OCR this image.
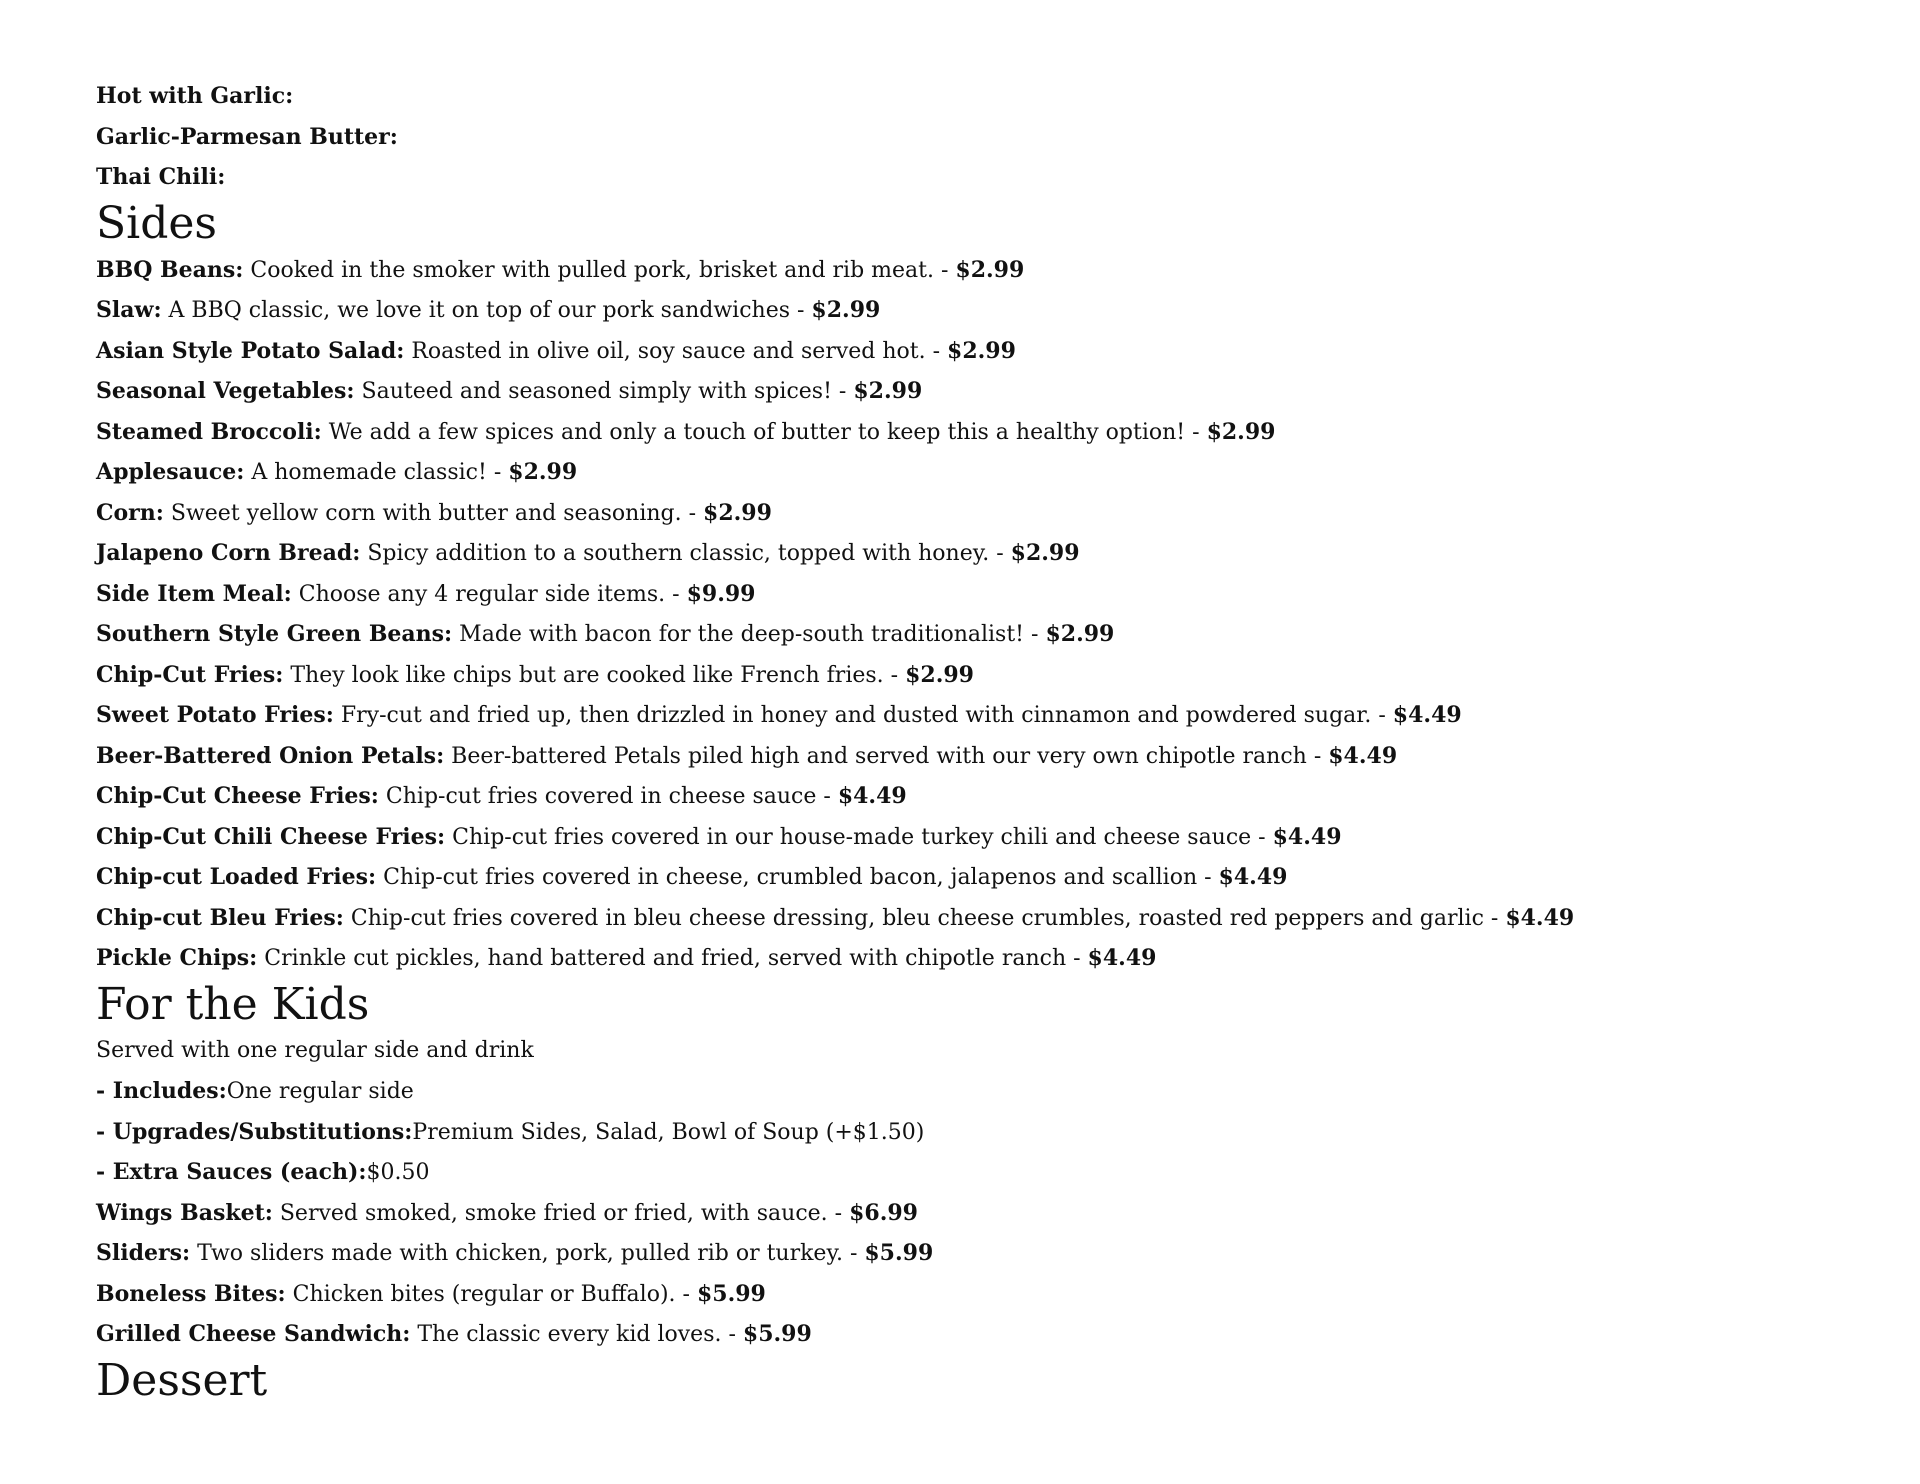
Hot with Garlic:
Garlic-Parmesan Butter:
Thai Chili:
Sides
BBQ Beans: Cooked in the smoker with pulled pork, brisket and rib meat. - $2.99
Slaw: A BBQ classic, we love it on top of our pork sandwiches - $2.99
Asian Style Potato Salad: Roasted in olive oil, soy sauce and served hot. - $2.99
Seasonal Vegetables: Sauteed and seasoned simply with spices! - $2.99
Steamed Broccoli: We add a few spices and only a touch of butter to keep this a healthy option! - $2.99
Applesauce: A homemade classic! - $2.99
Corn: Sweet yellow corn with butter and seasoning. - $2.99
Jalapeno Corn Bread: Spicy addition to a southern classic, topped with honey. - $2.99
Side Item Meal: Choose any 4 regular side items. - $9.99
Southern Style Green Beans: Made with bacon for the deep-south traditionalist! - $2.99
Chip-Cut Fries: They look like chips but are cooked like French fries. - $2.99
Sweet Potato Fries: Fry-cut and fried up, then drizzled in honey and dusted with cinnamon and powdered sugar. - $4.49
Beer-Battered Onion Petals: Beer-battered Petals piled high and served with our very own chipotle ranch - $4.49
Chip-Cut Cheese Fries: Chip-cut fries covered in cheese sauce - $4.49
Chip-Cut Chili Cheese Fries: Chip-cut fries covered in our house-made turkey chili and cheese sauce - $4.49
Chip-cut Loaded Fries: Chip-cut fries covered in cheese, crumbled bacon, jalapenos and scallion - $4.49
Chip-cut Bleu Fries: Chip-cut fries covered in bleu cheese dressing, bleu cheese crumbles, roasted red peppers and garlic - $4.49
Pickle Chips: Crinkle cut pickles, hand battered and fried, served with chipotle ranch - $4.49
For the Kids
Served with one regular side and drink
- Includes:One regular side
- Upgrades/Substitutions:Premium Sides, Salad, Bowl of Soup (+$1.50)
- Extra Sauces (each):$0.50
Wings Basket: Served smoked, smoke fried or fried, with sauce. - $6.99
Sliders: Two sliders made with chicken, pork, pulled rib or turkey. - $5.99
Boneless Bites: Chicken bites (regular or Buffalo). - $5.99
Grilled Cheese Sandwich: The classic every kid loves. - $5.99
Dessert
